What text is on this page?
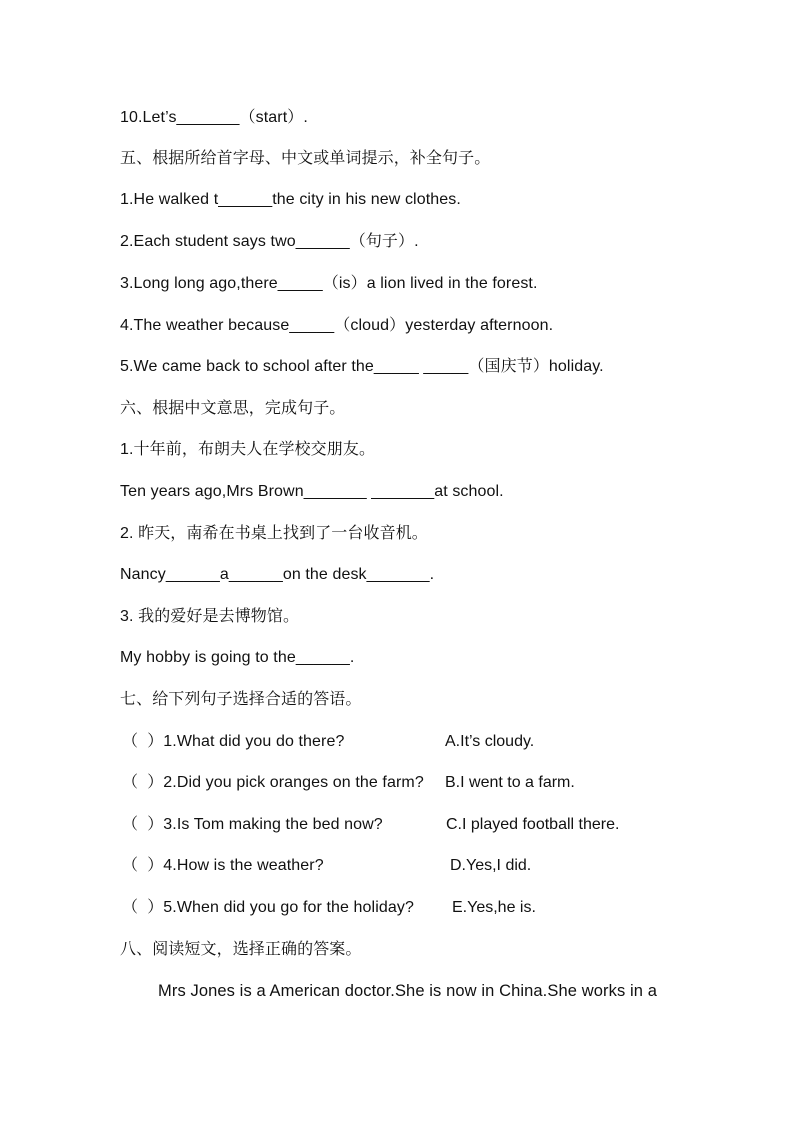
10.Let’s_______（start）.
五、根据所给首字母、中文或单词提示，补全句子。
1.He walked t______the city in his new clothes.
2.Each student says two______（句子）.
3.Long long ago,there_____（is）a lion lived in the forest.
4.The weather because_____（cloud）yesterday afternoon.
5.We came back to school after the_____ _____（国庆节）holiday.
六、根据中文意思，完成句子。
1.十年前，布朗夫人在学校交朋友。
Ten years ago,Mrs Brown_______ _______at school.
2. 昨天，南希在书桌上找到了一台收音机。
Nancy______a______on the desk_______.
3. 我的爱好是去博物馆。
My hobby is going to the______.
七、给下列句子选择合适的答语。
（  ）1.What did you do there?	A.It’s cloudy.
（  ）2.Did you pick oranges on the farm? B.I went to a farm.
（  ）3.Is Tom making the bed now?	C.I played football there.
（  ）4.How is the weather?	D.Yes,I did.
（  ）5.When did you go for the holiday? E.Yes,he is.
八、阅读短文，选择正确的答案。
Mrs Jones is a American doctor.She is now in China.She works in a
